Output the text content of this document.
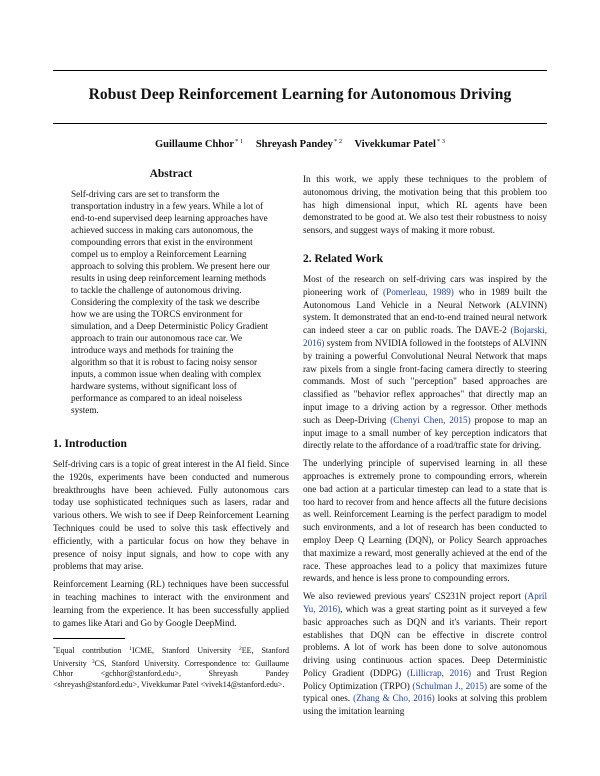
Robust Deep Reinforcement Learning for Autonomous Driving
Guillaume Chhor$^{* 1}$ Shreyash Pandey$^{* 2}$ Vivekkumar Patel$^{* 3}$
Abstract

Self-driving cars are set to transform the transportation industry in a few years. While a lot of end-to-end supervised deep learning approaches have achieved success in making cars autonomous, the compounding errors that exist in the environment compel us to employ a Reinforcement Learning approach to solving this problem. We present here our results in using deep reinforcement learning methods to tackle the challenge of autonomous driving. Considering the complexity of the task we describe how we are using the TORCS environment for simulation, and a Deep Deterministic Policy Gradient approach to train our autonomous race car. We introduce ways and methods for training the algorithm so that it is robust to facing noisy sensor inputs, a common issue when dealing with complex hardware systems, without significant loss of performance as compared to an ideal noiseless system.

1. Introduction

Self-driving cars is a topic of great interest in the AI field. Since the 1920s, experiments have been conducted and numerous breakthroughs have been achieved. Fully autonomous cars today use sophisticated techniques such as lasers, radar and various others. We wish to see if Deep Reinforcement Learning Techniques could be used to solve this task effectively and efficiently, with a particular focus on how they behave in presence of noisy input signals, and how to cope with any problems that may arise.

Reinforcement Learning (RL) techniques have been successful in teaching machines to interact with the environment and learning from the experience. It has been successfully applied to games like Atari and Go by Google DeepMind.

*Equal contribution $^1$ICME, Stanford University $^2$EE, Stanford University $^3$CS, Stanford University. Correspondence to: Guillaume Chhor <gchhor@stanford.edu>, Shreyash Pandey <shreyash@stanford.edu>, Vivekkumar Patel <vivek14@stanford.edu>.

In this work, we apply these techniques to the problem of autonomous driving, the motivation being that this problem too has high dimensional input, which RL agents have been demonstrated to be good at. We also test their robustness to noisy sensors, and suggest ways of making it more robust.

2. Related Work

Most of the research on self-driving cars was inspired by the pioneering work of (Pomerleau, 1989) who in 1989 built the Autonomous Land Vehicle in a Neural Network (ALVINN) system. It demonstrated that an end-to-end trained neural network can indeed steer a car on public roads. The DAVE-2 (Bojarski, 2016) system from NVIDIA followed in the footsteps of ALVINN by training a powerful Convolutional Neural Network that maps raw pixels from a single front-facing camera directly to steering commands. Most of such "perception" based approaches are classified as "behavior reflex approaches" that directly map an input image to a driving action by a regressor. Other methods such as Deep-Driving (Chenyi Chen, 2015) propose to map an input image to a small number of key perception indicators that directly relate to the affordance of a road/traffic state for driving.

The underlying principle of supervised learning in all these approaches is extremely prone to compounding errors, wherein one bad action at a particular timestep can lead to a state that is too hard to recover from and hence affects all the future decisions as well. Reinforcement Learning is the perfect paradigm to model such environments, and a lot of research has been conducted to employ Deep Q Learning (DQN), or Policy Search approaches that maximize a reward, most generally achieved at the end of the race. These approaches lead to a policy that maximizes future rewards, and hence is less prone to compounding errors.

We also reviewed previous years' CS231N project report (April Yu, 2016), which was a great starting point as it surveyed a few basic approaches such as DQN and it's variants. Their report establishes that DQN can be effective in discrete control problems. A lot of work has been done to solve autonomous driving using continuous action spaces. Deep Deterministic Policy Gradient (DDPG) (Lillicrap, 2016) and Trust Region Policy Optimization (TRPO) (Schulman J., 2015) are some of the typical ones. (Zhang & Cho, 2016) looks at solving this problem using the imitation learning
